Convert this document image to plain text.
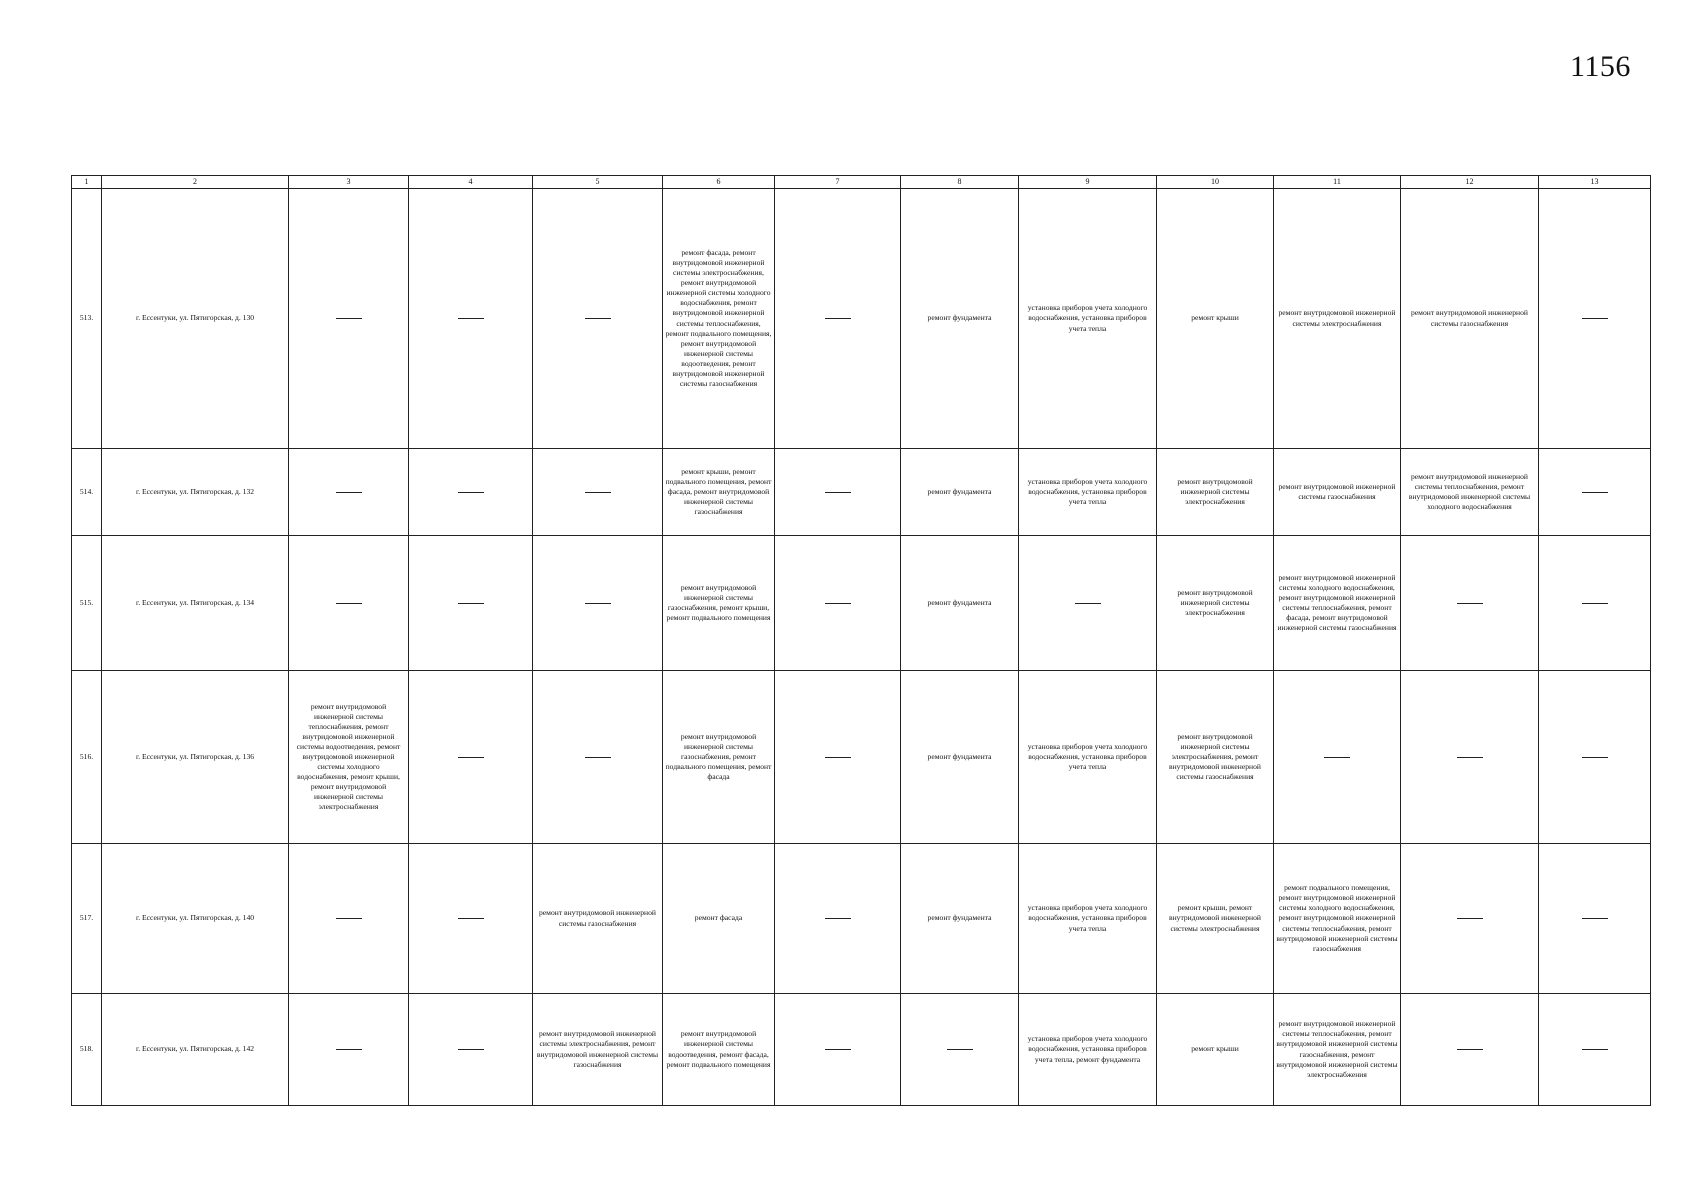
1156
1	2	3	4	5	6	7	8	9	10	11	12	13
513.	г. Ессентуки, ул. Пятигорская, д. 130				ремонт фасада, ремонт внутридомовой инженерной системы электроснабжения, ремонт внутридомовой инженерной системы холодного водоснабжения, ремонт внутридомовой инженерной системы теплоснабжения, ремонт подвального помещения, ремонт внутридомовой инженерной системы водоотведения, ремонт внутридомовой инженерной системы газоснабжения		ремонт фундамента	установка приборов учета холодного водоснабжения, установка приборов учета тепла	ремонт крыши	ремонт внутридомовой инженерной системы электроснабжения	ремонт внутридомовой инженерной системы газоснабжения	
514.	г. Ессентуки, ул. Пятигорская, д. 132				ремонт крыши, ремонт подвального помещения, ремонт фасада, ремонт внутридомовой инженерной системы газоснабжения		ремонт фундамента	установка приборов учета холодного водоснабжения, установка приборов учета тепла	ремонт внутридомовой инженерной системы электроснабжения	ремонт внутридомовой инженерной системы газоснабжения	ремонт внутридомовой инженерной системы теплоснабжения, ремонт внутридомовой инженерной системы холодного водоснабжения	
515.	г. Ессентуки, ул. Пятигорская, д. 134				ремонт внутридомовой инженерной системы газоснабжения, ремонт крыши, ремонт подвального помещения		ремонт фундамента		ремонт внутридомовой инженерной системы электроснабжения	ремонт внутридомовой инженерной системы холодного водоснабжения, ремонт внутридомовой инженерной системы теплоснабжения, ремонт фасада, ремонт внутридомовой инженерной системы газоснабжения		
516.	г. Ессентуки, ул. Пятигорская, д. 136	ремонт внутридомовой инженерной системы теплоснабжения, ремонт внутридомовой инженерной системы водоотведения, ремонт внутридомовой инженерной системы холодного водоснабжения, ремонт крыши, ремонт внутридомовой инженерной системы электроснабжения			ремонт внутридомовой инженерной системы газоснабжения, ремонт подвального помещения, ремонт фасада		ремонт фундамента	установка приборов учета холодного водоснабжения, установка приборов учета тепла	ремонт внутридомовой инженерной системы электроснабжения, ремонт внутридомовой инженерной системы газоснабжения			
517.	г. Ессентуки, ул. Пятигорская, д. 140			ремонт внутридомовой инженерной системы газоснабжения	ремонт фасада		ремонт фундамента	установка приборов учета холодного водоснабжения, установка приборов учета тепла	ремонт крыши, ремонт внутридомовой инженерной системы электроснабжения	ремонт подвального помещения, ремонт внутридомовой инженерной системы холодного водоснабжения, ремонт внутридомовой инженерной системы теплоснабжения, ремонт внутридомовой инженерной системы газоснабжения		
518.	г. Ессентуки, ул. Пятигорская, д. 142			ремонт внутридомовой инженерной системы электроснабжения, ремонт внутридомовой инженерной системы газоснабжения	ремонт внутридомовой инженерной системы водоотведения, ремонт фасада, ремонт подвального помещения			установка приборов учета холодного водоснабжения, установка приборов учета тепла, ремонт фундамента	ремонт крыши	ремонт внутридомовой инженерной системы теплоснабжения, ремонт внутридомовой инженерной системы газоснабжения, ремонт внутридомовой инженерной системы электроснабжения		
